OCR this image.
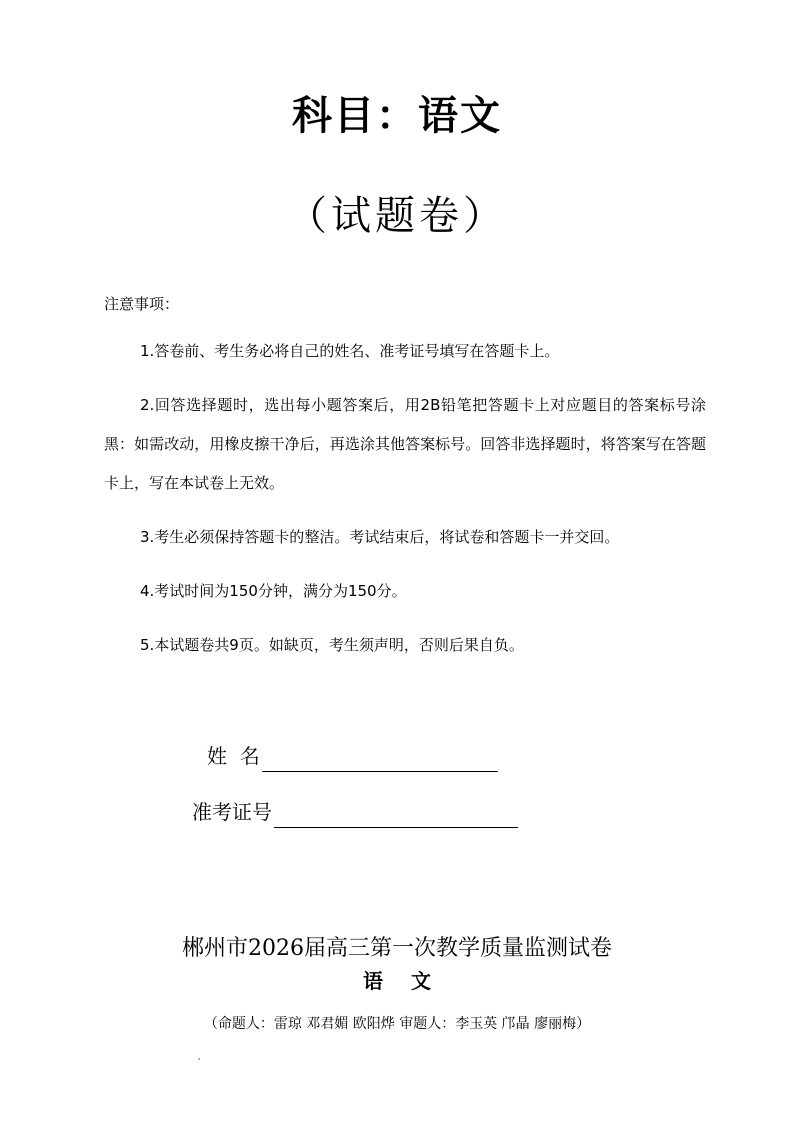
科目：语文
（试题卷）

注意事项：

1.答卷前、考生务必将自己的姓名、准考证号填写在答题卡上。
2.回答选择题时，选出每小题答案后，用2B铅笔把答题卡上对应题目的答案标号涂黑：如需改动，用橡皮擦干净后，再选涂其他答案标号。回答非选择题时，将答案写在答题卡上，写在本试卷上无效。
3.考生必须保持答题卡的整洁。考试结束后，将试卷和答题卡一并交回。
4.考试时间为150分钟，满分为150分。
5.本试题卷共9页。如缺页，考生须声明，否则后果自负。
姓  名
准考证号
郴州市2026届高三第一次教学质量监测试卷
语文
（命题人：雷琼 邓君媚 欧阳烨 审题人：李玉英 邝晶 廖丽梅）
